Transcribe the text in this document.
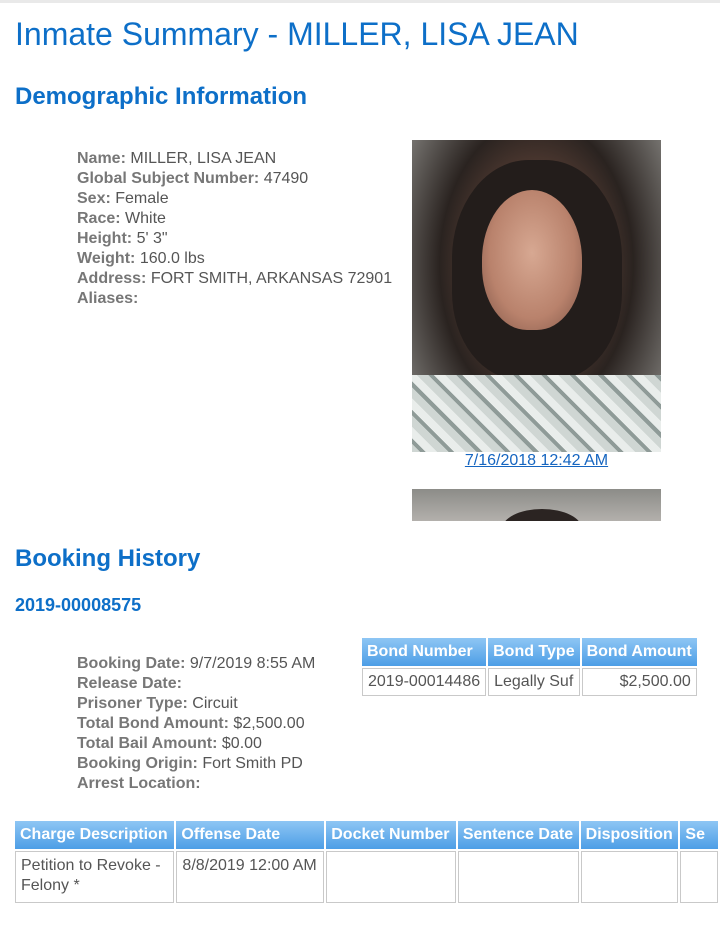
Inmate Summary - MILLER, LISA JEAN
Demographic Information
Name: MILLER, LISA JEAN
Global Subject Number: 47490
Sex: Female
Race: White
Height: 5' 3"
Weight: 160.0 lbs
Address: FORT SMITH, ARKANSAS 72901
Aliases:
7/16/2018 12:42 AM
Booking History
2019-00008575
Booking Date: 9/7/2019 8:55 AM
Release Date:
Prisoner Type: Circuit
Total Bond Amount: $2,500.00
Total Bail Amount: $0.00
Booking Origin: Fort Smith PD
Arrest Location:
Bond Number	Bond Type	Bond Amount
2019-00014486	Legally Suf	$2,500.00
Charge Description	Offense Date	Docket Number	Sentence Date	Disposition	Se
Petition to Revoke - Felony *	8/8/2019 12:00 AM				
